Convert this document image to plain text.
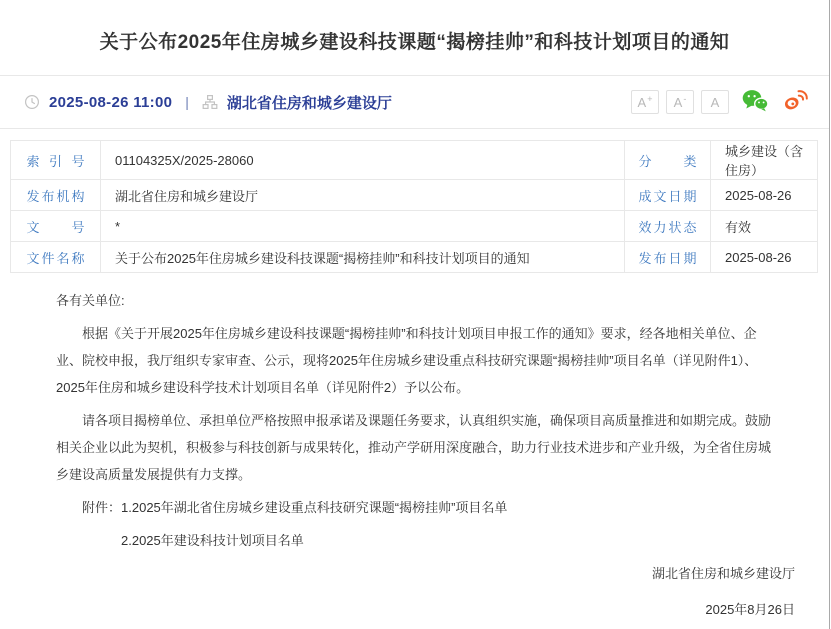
关于公布2025年住房城乡建设科技课题“揭榜挂帅”和科技计划项目的通知
2025-08-26 11:00 |	湖北省住房和城乡建设厅	A+ A- A
索引号	01104325X/2025-28060	分类	城乡建设（含住房）
发布机构	湖北省住房和城乡建设厅	成文日期	2025-08-26
文号	*	效力状态	有效
文件名称	关于公布2025年住房城乡建设科技课题“揭榜挂帅”和科技计划项目的通知	发布日期	2025-08-26

各有关单位:

根据《关于开展2025年住房城乡建设科技课题“揭榜挂帅”和科技计划项目申报工作的通知》要求，经各地相关单位、企业、院校申报，我厅组织专家审查、公示，现将2025年住房城乡建设重点科技研究课题“揭榜挂帅”项目名单（详见附件1）、2025年住房和城乡建设科学技术计划项目名单（详见附件2）予以公布。

请各项目揭榜单位、承担单位严格按照申报承诺及课题任务要求，认真组织实施，确保项目高质量推进和如期完成。鼓励相关企业以此为契机，积极参与科技创新与成果转化，推动产学研用深度融合，助力行业技术进步和产业升级，为全省住房城乡建设高质量发展提供有力支撑。

附件：1.2025年湖北省住房城乡建设重点科技研究课题“揭榜挂帅”项目名单

2.2025年建设科技计划项目名单

湖北省住房和城乡建设厅

2025年8月26日
